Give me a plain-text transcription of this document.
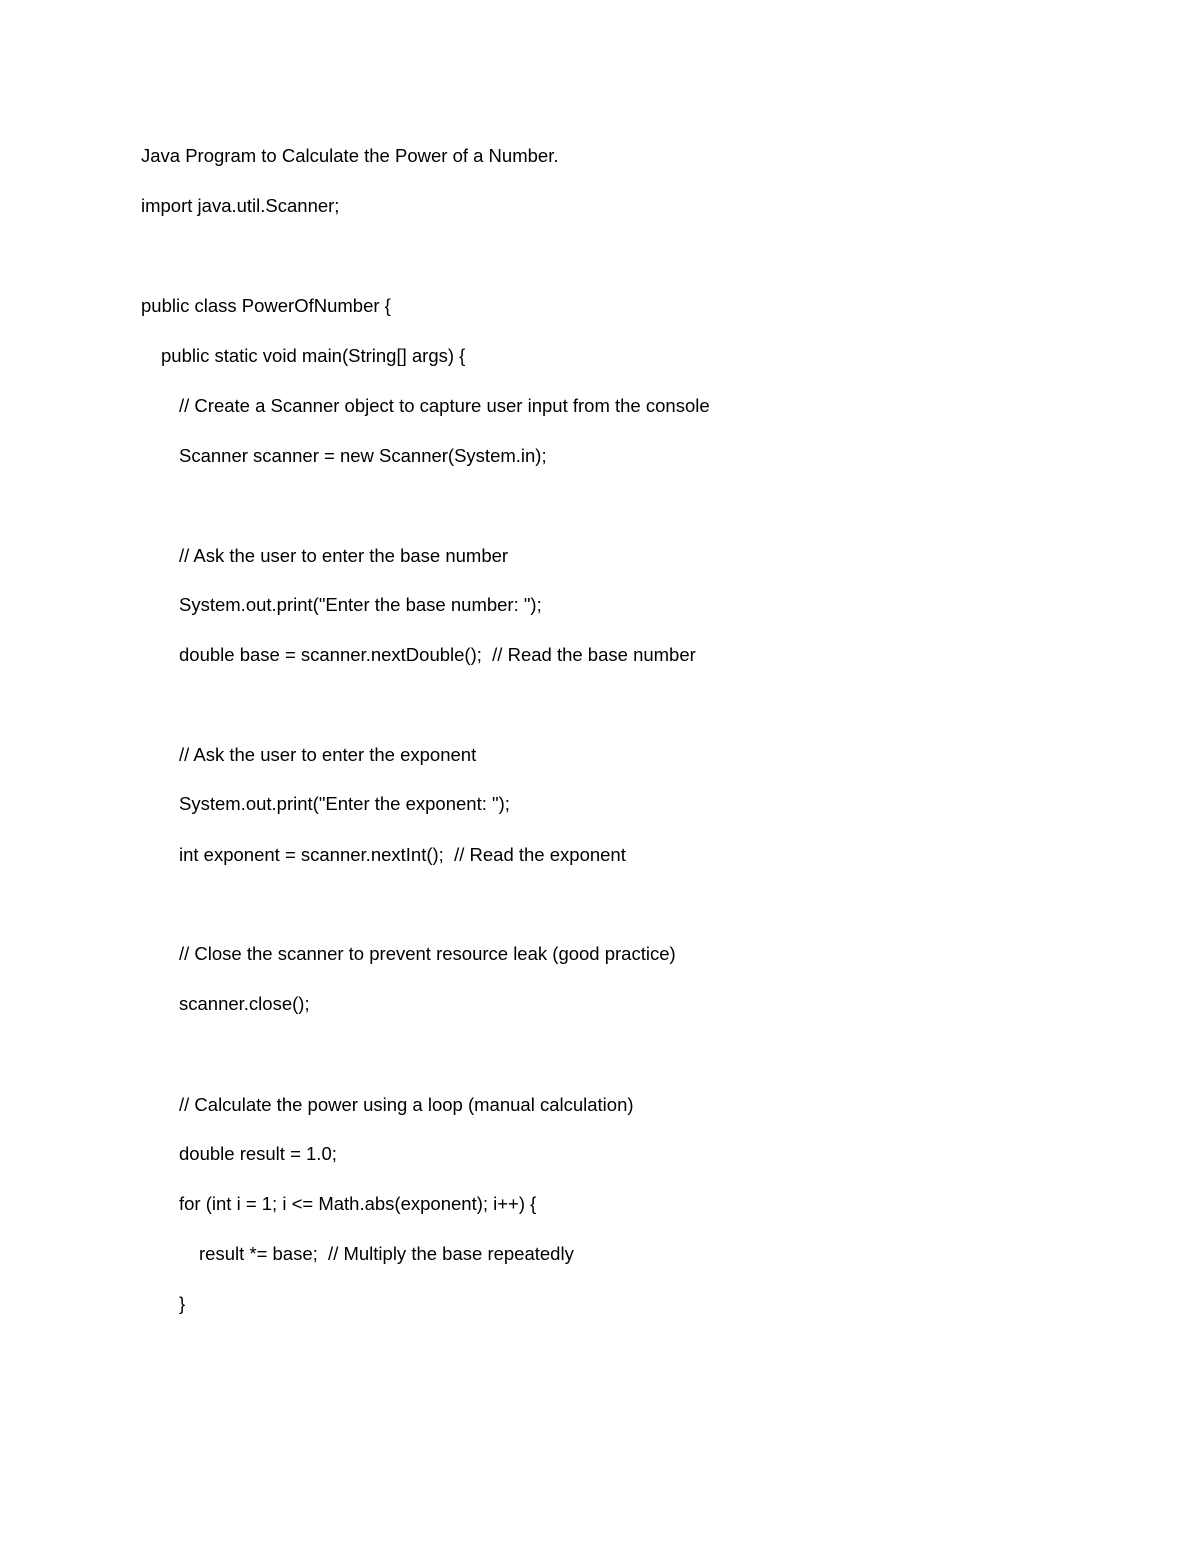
Java Program to Calculate the Power of a Number.

import java.util.Scanner;

public class PowerOfNumber {

public static void main(String[] args) {

// Create a Scanner object to capture user input from the console

Scanner scanner = new Scanner(System.in);

// Ask the user to enter the base number

System.out.print("Enter the base number: ");

double base = scanner.nextDouble();  // Read the base number

// Ask the user to enter the exponent

System.out.print("Enter the exponent: ");

int exponent = scanner.nextInt();  // Read the exponent

// Close the scanner to prevent resource leak (good practice)

scanner.close();

// Calculate the power using a loop (manual calculation)

double result = 1.0;

for (int i = 1; i <= Math.abs(exponent); i++) {

result *= base;  // Multiply the base repeatedly

}
